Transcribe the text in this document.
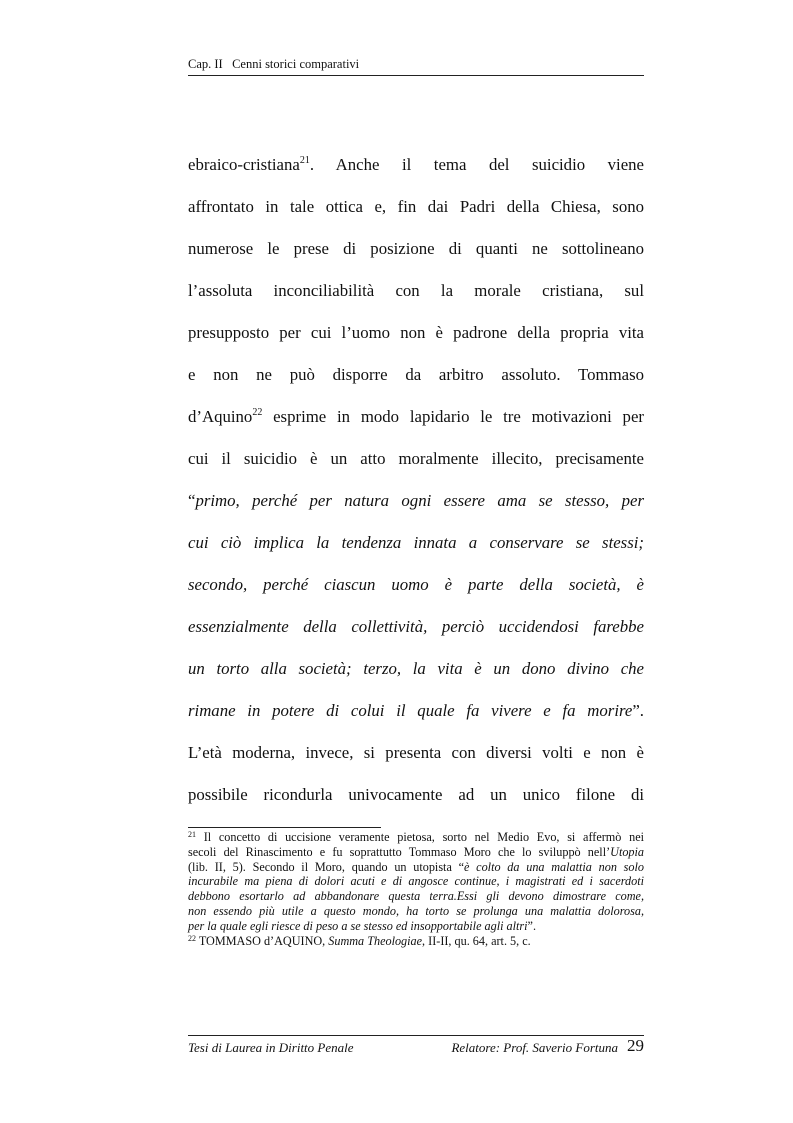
Cap. II   Cenni storici comparativi
ebraico-cristiana$^{21}$. Anche il tema del suicidio viene
affrontato in tale ottica e, fin dai Padri della Chiesa, sono
numerose le prese di posizione di quanti ne sottolineano
l’assoluta inconciliabilità con la morale cristiana, sul
presupposto per cui l’uomo non è padrone della propria vita
e non ne può disporre da arbitro assoluto. Tommaso
d’Aquino$^{22}$ esprime in modo lapidario le tre motivazioni per
cui il suicidio è un atto moralmente illecito, precisamente
“primo, perché per natura ogni essere ama se stesso, per
cui ciò implica la tendenza innata a conservare se stessi;
secondo, perché ciascun uomo è parte della società, è
essenzialmente della collettività, perciò uccidendosi farebbe
un torto alla società; terzo, la vita è un dono divino che
rimane in potere di colui il quale fa vivere e fa morire”.
L’età moderna, invece, si presenta con diversi volti e non è
possibile ricondurla univocamente ad un unico filone di
$^{21}$ Il concetto di uccisione veramente pietosa, sorto nel Medio Evo, si affermò nei
secoli del Rinascimento e fu soprattutto Tommaso Moro che lo sviluppò nell’Utopia
(lib. II, 5). Secondo il Moro, quando un utopista “è colto da una malattia non solo
incurabile ma piena di dolori acuti e di angosce continue, i magistrati ed i sacerdoti
debbono esortarlo ad abbandonare questa terra.Essi gli devono dimostrare come,
non essendo più utile a questo mondo, ha torto se prolunga una malattia dolorosa,
per la quale egli riesce di peso a se stesso ed insopportabile agli altri”.
$^{22}$ TOMMASO d’AQUINO, Summa Theologiae, II-II, qu. 64, art. 5, c.
Tesi di Laurea in Diritto Penale	Relatore: Prof. Saverio Fortuna 29
